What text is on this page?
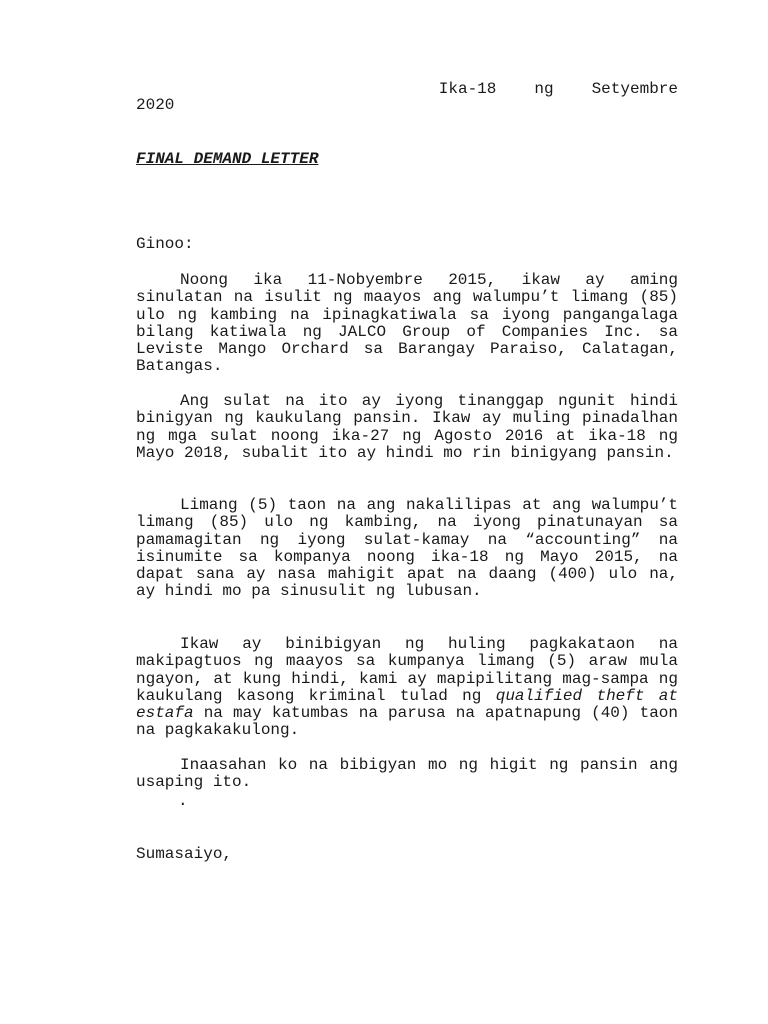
Ika-18 ng Setyembre
2020
FINAL DEMAND LETTER
Ginoo:

Noong ika 11-Nobyembre 2015, ikaw ay aming sinulatan na isulit ng maayos ang walumpu’t limang (85) ulo ng kambing na ipinagkatiwala sa iyong pangangalaga bilang katiwala ng JALCO Group of Companies Inc. sa Leviste Mango Orchard sa Barangay Paraiso, Calatagan, Batangas.

Ang sulat na ito ay iyong tinanggap ngunit hindi binigyan ng kaukulang pansin. Ikaw ay muling pinadalhan ng mga sulat noong ika-27 ng Agosto 2016 at ika-18 ng Mayo 2018, subalit ito ay hindi mo rin binigyang pansin.

Limang (5) taon na ang nakalilipas at ang walumpu’t limang (85) ulo ng kambing, na iyong pinatunayan sa pamamagitan ng iyong sulat-kamay na “accounting” na isinumite sa kompanya noong ika-18 ng Mayo 2015, na dapat sana ay nasa mahigit apat na daang (400) ulo na, ay hindi mo pa sinusulit ng lubusan.

Ikaw ay binibigyan ng huling pagkakataon na makipagtuos ng maayos sa kumpanya limang (5) araw mula ngayon, at kung hindi, kami ay mapipilitang mag-sampa ng kaukulang kasong kriminal tulad ng qualified theft at estafa na may katumbas na parusa na apatnapung (40) taon na pagkakakulong.

Inaasahan ko na bibigyan mo ng higit ng pansin ang usaping ito.

.
Sumasaiyo,
